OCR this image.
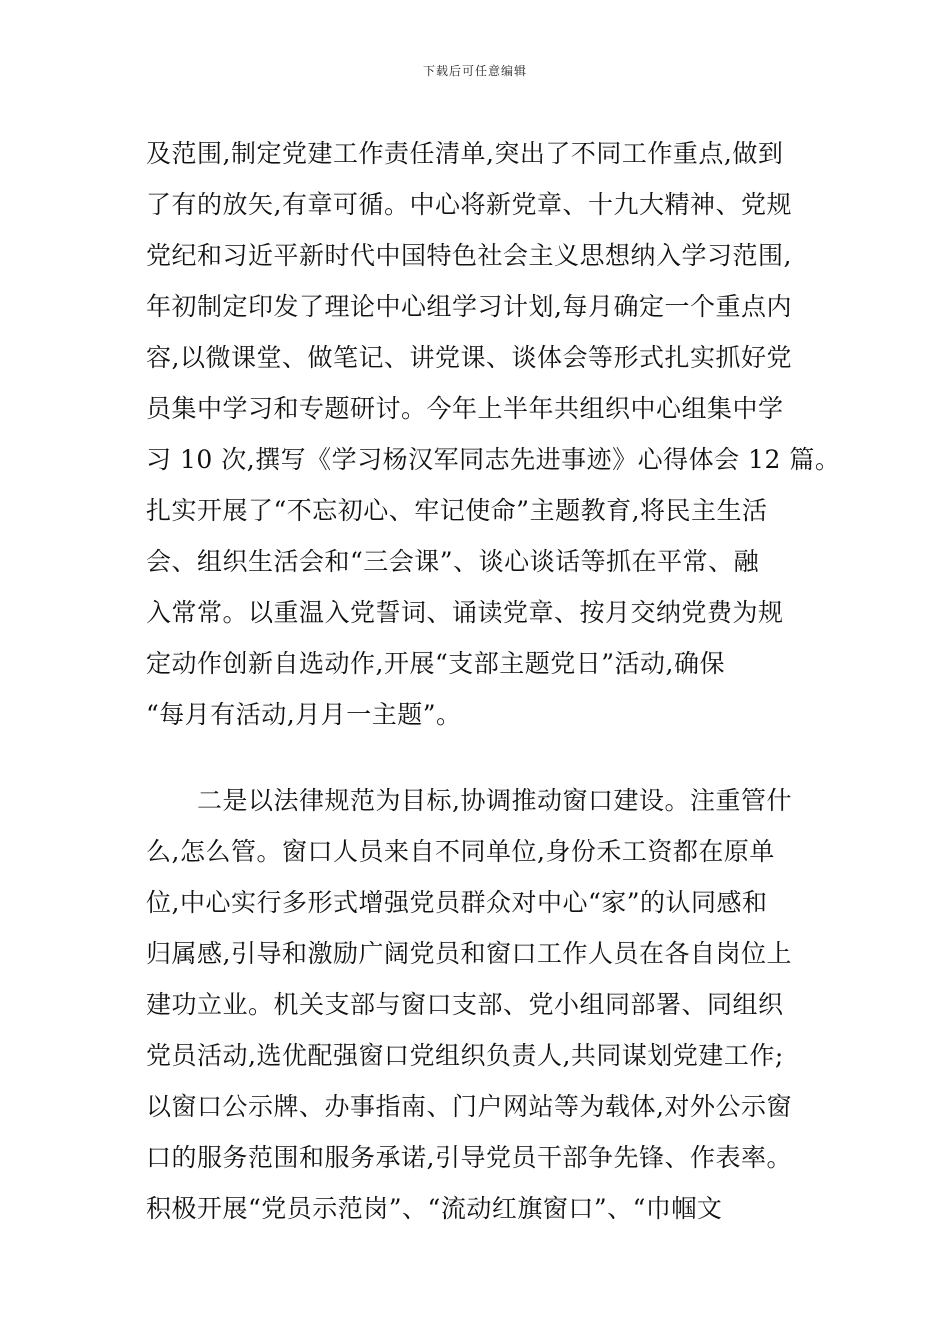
下载后可任意编辑
及范围,制定党建工作责任清单,突出了不同工作重点,做到
了有的放矢,有章可循。中心将新党章、十九大精神、党规
党纪和习近平新时代中国特色社会主义思想纳入学习范围,
年初制定印发了理论中心组学习计划,每月确定一个重点内
容,以微课堂、做笔记、讲党课、谈体会等形式扎实抓好党
员集中学习和专题研讨。今年上半年共组织中心组集中学
习 10 次,撰写《学习杨汉军同志先进事迹》心得体会 12 篇。
扎实开展了“不忘初心、牢记使命”主题教育,将民主生活
会、组织生活会和“三会课”、谈心谈话等抓在平常、融
入常常。以重温入党誓词、诵读党章、按月交纳党费为规
定动作创新自选动作,开展“支部主题党日”活动,确保
“每月有活动,月月一主题”。
　　二是以法律规范为目标,协调推动窗口建设。注重管什
么,怎么管。窗口人员来自不同单位,身份禾工资都在原单
位,中心实行多形式增强党员群众对中心“家”的认同感和
归属感,引导和激励广阔党员和窗口工作人员在各自岗位上
建功立业。机关支部与窗口支部、党小组同部署、同组织
党员活动,选优配强窗口党组织负责人,共同谋划党建工作;
以窗口公示牌、办事指南、门户网站等为载体,对外公示窗
口的服务范围和服务承诺,引导党员干部争先锋、作表率。
积极开展“党员示范岗”、“流动红旗窗口”、“巾帼文
